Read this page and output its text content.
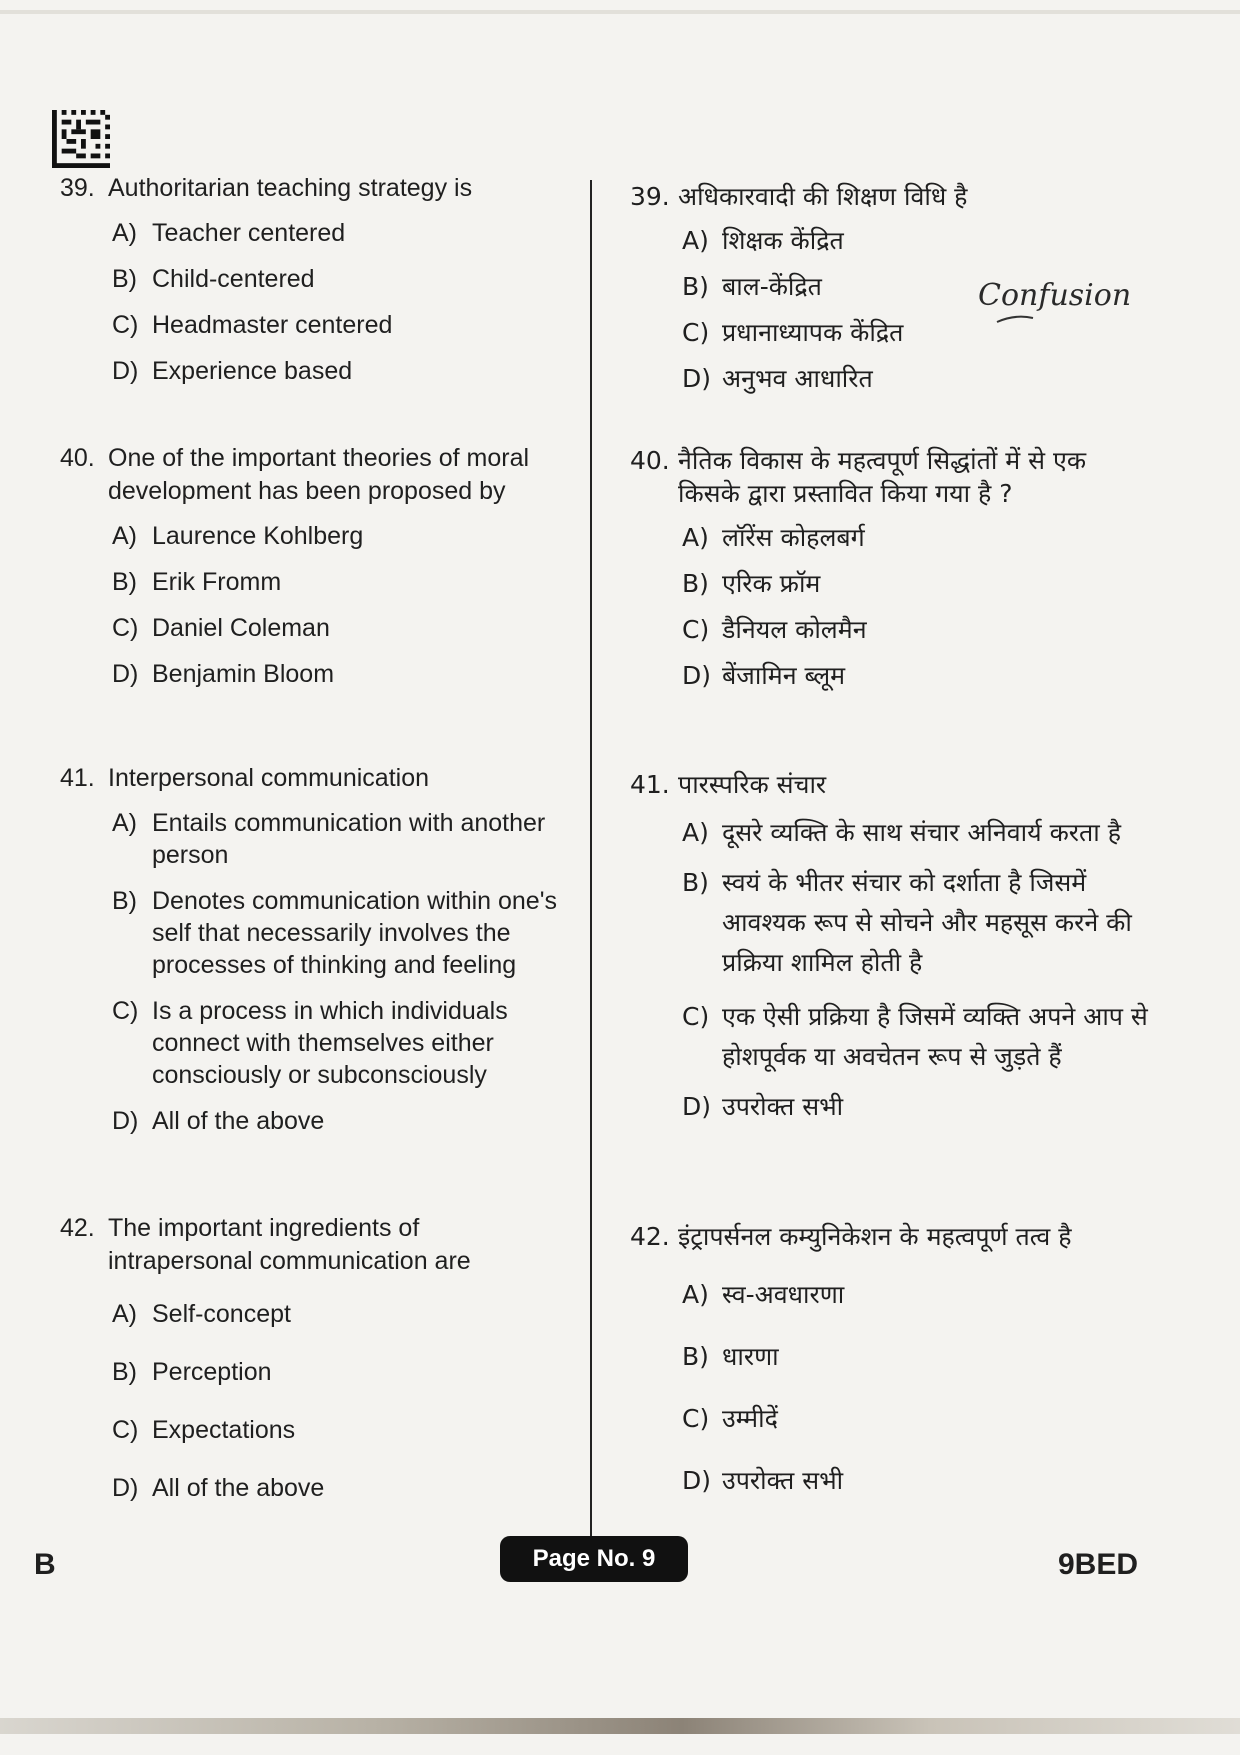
39. Authoritarian teaching strategy is
A) Teacher centered
B) Child-centered
C) Headmaster centered
D) Experience based
40. One of the important theories of moral development has been proposed by
A) Laurence Kohlberg
B) Erik Fromm
C) Daniel Coleman
D) Benjamin Bloom
41. Interpersonal communication
A) Entails communication with another person
B) Denotes communication within one's self that necessarily involves the processes of thinking and feeling
C) Is a process in which individuals connect with themselves either consciously or subconsciously
D) All of the above
42. The important ingredients of intrapersonal communication are
A) Self-concept
B) Perception
C) Expectations
D) All of the above
39. अधिकारवादी की शिक्षण विधि है
A) शिक्षक केंद्रित
B) बाल-केंद्रित
C) प्रधानाध्यापक केंद्रित
D) अनुभव आधारित
40. नैतिक विकास के महत्वपूर्ण सिद्धांतों में से एक किसके द्वारा प्रस्तावित किया गया है ?
A) लॉरेंस कोहलबर्ग
B) एरिक फ्रॉम
C) डैनियल कोलमैन
D) बेंजामिन ब्लूम
41. पारस्परिक संचार
A) दूसरे व्यक्ति के साथ संचार अनिवार्य करता है
B) स्वयं के भीतर संचार को दर्शाता है जिसमें आवश्यक रूप से सोचने और महसूस करने की प्रक्रिया शामिल होती है
C) एक ऐसी प्रक्रिया है जिसमें व्यक्ति अपने आप से होशपूर्वक या अवचेतन रूप से जुड़ते हैं
D) उपरोक्त सभी
42. इंट्रापर्सनल कम्युनिकेशन के महत्वपूर्ण तत्व है
A) स्व-अवधारणा
B) धारणा
C) उम्मीदें
D) उपरोक्त सभी
Confusion
B	Page No. 9	9BED
